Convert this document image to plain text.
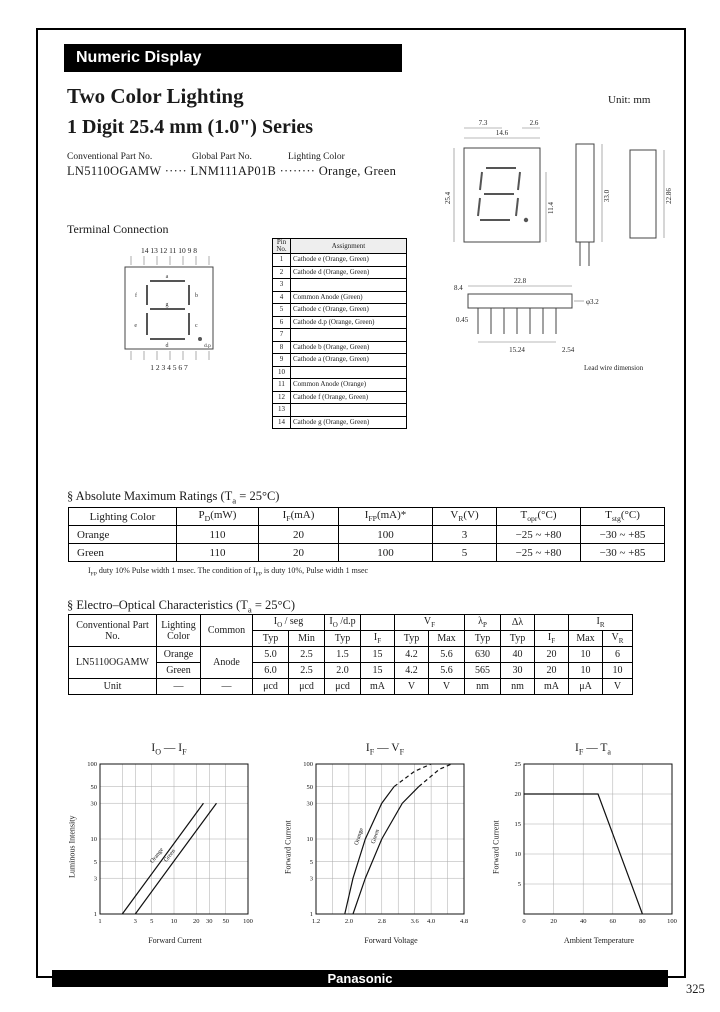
Numeric Display
Two Color Lighting
1 Digit 25.4 mm (1.0") Series
Unit: mm
Conventional Part No.	Global Part No.	Lighting Color
LN5110OGAMW ····· LNM111AP01B ········ Orange, Green
14.6
7.3	2.6
25.4
11.4
33.0	22.86
8.4
22.8
φ3.2
0.45
15.24	2.54
Lead wire dimension
Terminal Connection
14 13 12 11 10 9 8
a
b
c
d
e
f
g
d.p
1 2 3 4 5 6 7
Pin No.	Assignment
1	Cathode e (Orange, Green)
2	Cathode d (Orange, Green)
3	
4	Common Anode (Green)
5	Cathode c (Orange, Green)
6	Cathode d.p (Orange, Green)
7	
8	Cathode b (Orange, Green)
9	Cathode a (Orange, Green)
10	
11	Common Anode (Orange)
12	Cathode f (Orange, Green)
13	
14	Cathode g (Orange, Green)
§ Absolute Maximum Ratings $(T_a = 25^\circ C)$
Lighting Color	$P_D(mW)$	$I_F(mA)$	$I_{FP}(mA)*$	$V_R(V)$	$T_{opr}(^\circ C)$	$T_{stg}(^\circ C)$
Orange	110	20	100	3	−25 ~ +80	−30 ~ +85
Green	110	20	100	5	−25 ~ +80	−30 ~ +85
$I_{FP}$ duty 10% Pulse width 1 msec. The condition of $I_{FP}$ is duty 10%, Pulse width 1 msec
§ Electro–Optical Characteristics $(T_a = 25^\circ C)$
Conventional Part No.	Lighting Color	Common	$I_O$ / seg		$I_O$ /d.p		$V_F$		$\lambda_P$	Δλ		$I_R$
			Typ	Min	Typ	$I_F$	Typ	Max	Typ	Typ	$I_F$	Max	$V_R$
LN5110OGAMW	Orange	Anode	5.0	2.5	1.5	15	4.2	5.6	630	40	20	10	6
	Green		6.0	2.5	2.0	15	4.2	5.6	565	30	20	10	10
Unit	—	—	μcd	μcd	μcd	mA	V	V	nm	nm	mA	μA	V
$I_O$ — $I_F$
Luminous Intensity
1	3 5	10 20 30 50 100
1
3
5
10
30
50
100
Orange
Green
Forward Current
$I_F$ — $V_F$
Forward Current
1.2	2.0	2.8	3.6 4.0	4.8
1
3
5
10
30
50
100
Orange Green
Forward Voltage
$I_F$ — $T_a$
Forward Current
0	20	40	60	80	100
5
10
15
20
25
Ambient Temperature
Panasonic
325
